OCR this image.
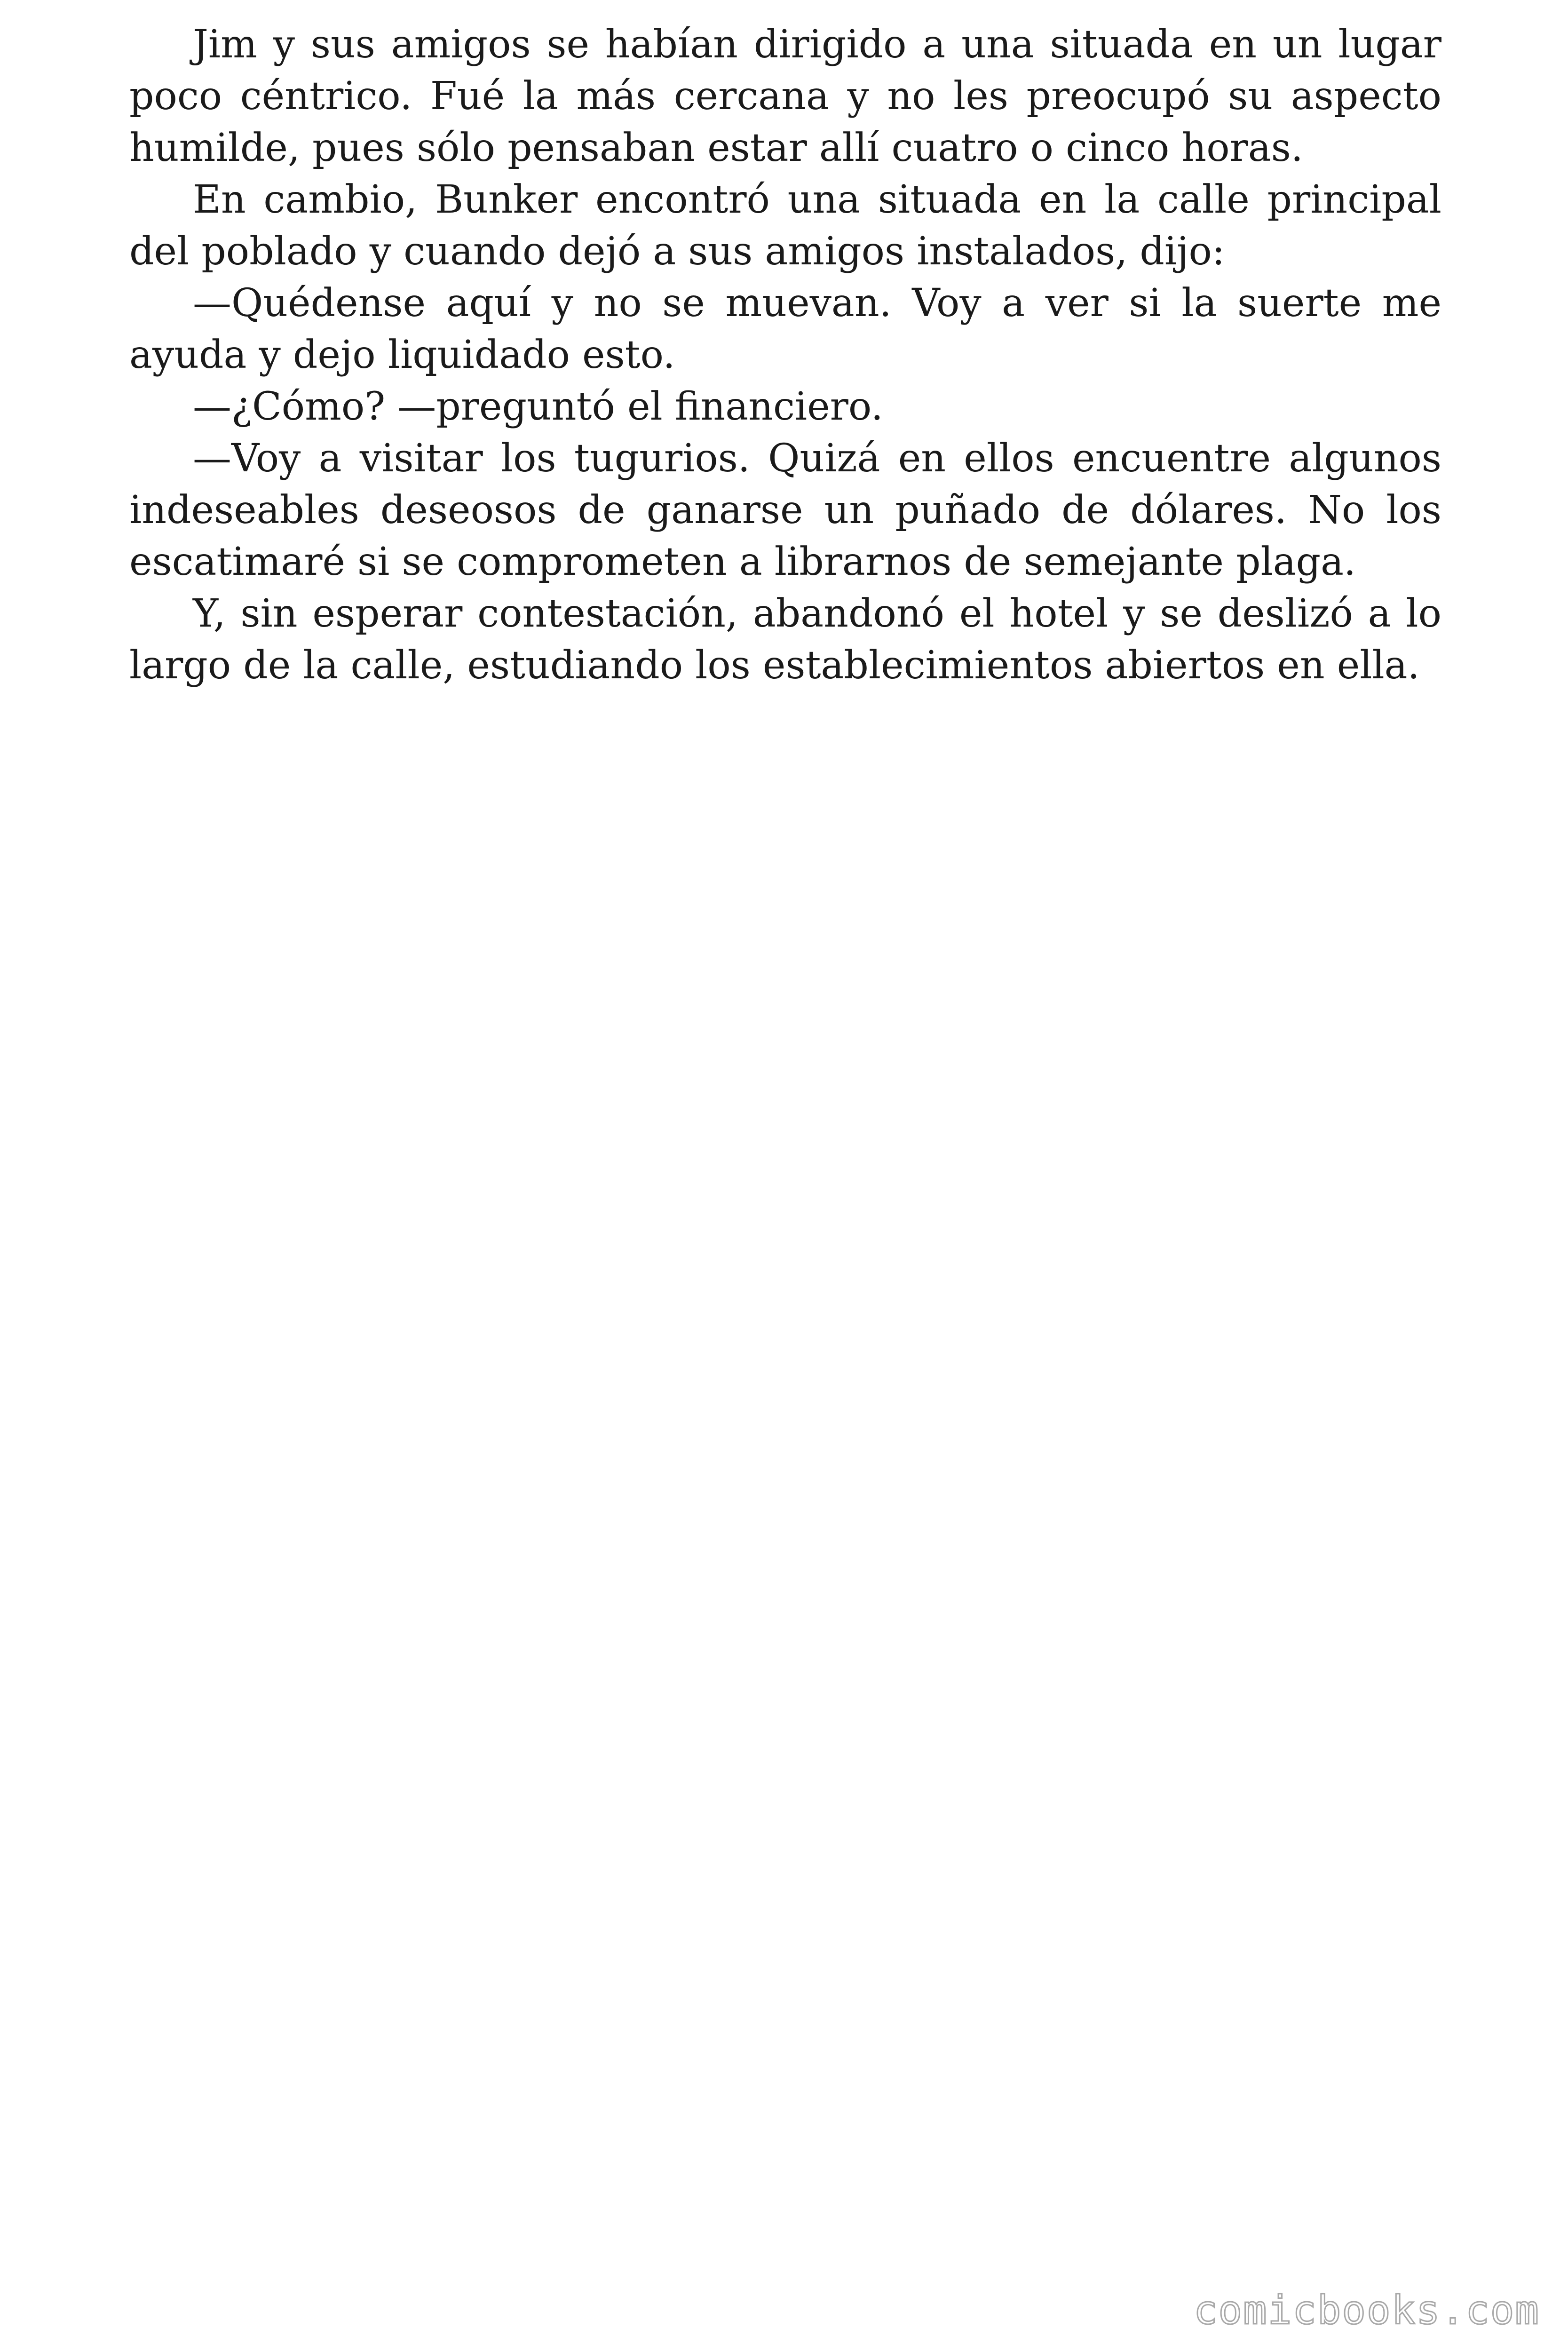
Jim y sus amigos se habían dirigido a una situada en un lugar poco céntrico. Fué la más cercana y no les preocupó su aspecto humilde, pues sólo pensaban estar allí cuatro o cinco horas.

En cambio, Bunker encontró una situada en la calle principal del poblado y cuando dejó a sus amigos instalados, dijo:

—Quédense aquí y no se muevan. Voy a ver si la suerte me ayuda y dejo liquidado esto.

—¿Cómo? —preguntó el financiero.

—Voy a visitar los tugurios. Quizá en ellos encuentre algunos indeseables deseosos de ganarse un puñado de dólares. No los escatimaré si se comprometen a librarnos de semejante plaga.

Y, sin esperar contestación, abandonó el hotel y se deslizó a lo largo de la calle, estudiando los establecimientos abiertos en ella.

comicbooks.com
